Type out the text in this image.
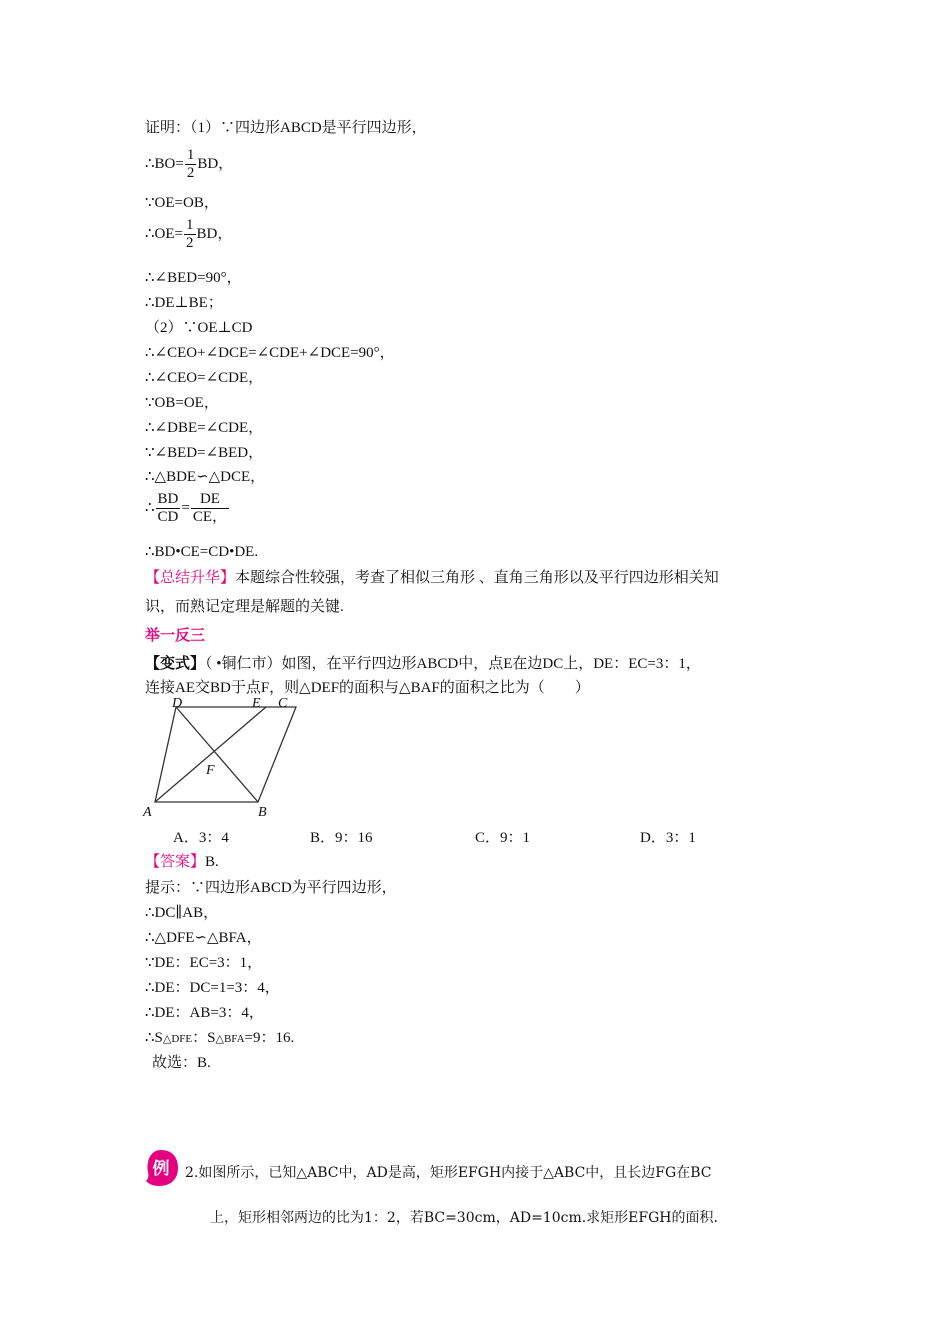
证明：（1）∵四边形ABCD是平行四边形，
∴BO= $\frac{1}{2}$ BD，
∵OE=OB，
∴OE= $\frac{1}{2}$ BD，
∴∠BED=90°，
∴DE⊥BE；
（2）∵OE⊥CD
∴∠CEO+∠DCE=∠CDE+∠DCE=90°，
∴∠CEO=∠CDE，
∵OB=OE，
∴∠DBE=∠CDE，
∵∠BED=∠BED，
∴△BDE∽△DCE，
∴ $\frac{BD}{CD} = \frac{DE}{CE,}$
∴BD•CE=CD•DE.
【总结升华】本题综合性较强，考查了相似三角形 、直角三角形以及平行四边形相关知
识，而熟记定理是解题的关键.
举一反三
【变式】（ •铜仁市）如图，在平行四边形ABCD中，点E在边DC上，DE：EC=3：1，
连接AE交BD于点F，则△DEF的面积与△BAF的面积之比为（　　）
D	E C
F
A	B
A．3：4	B．9：16	C．9：1	D．3：1
【答案】B.
提示：∵四边形ABCD为平行四边形，
∴DC∥AB，
∴△DFE∽△BFA，
∵DE：EC=3：1，
∴DE：DC=1=3：4，
∴DE：AB=3：4，
∴S△DFE：S△BFA=9：16.
故选：B.
例 2.如图所示，已知△ABC中，AD是高，矩形EFGH内接于△ABC中，且长边FG在BC
上，矩形相邻两边的比为1：2，若BC=30cm，AD=10cm.求矩形EFGH的面积.
